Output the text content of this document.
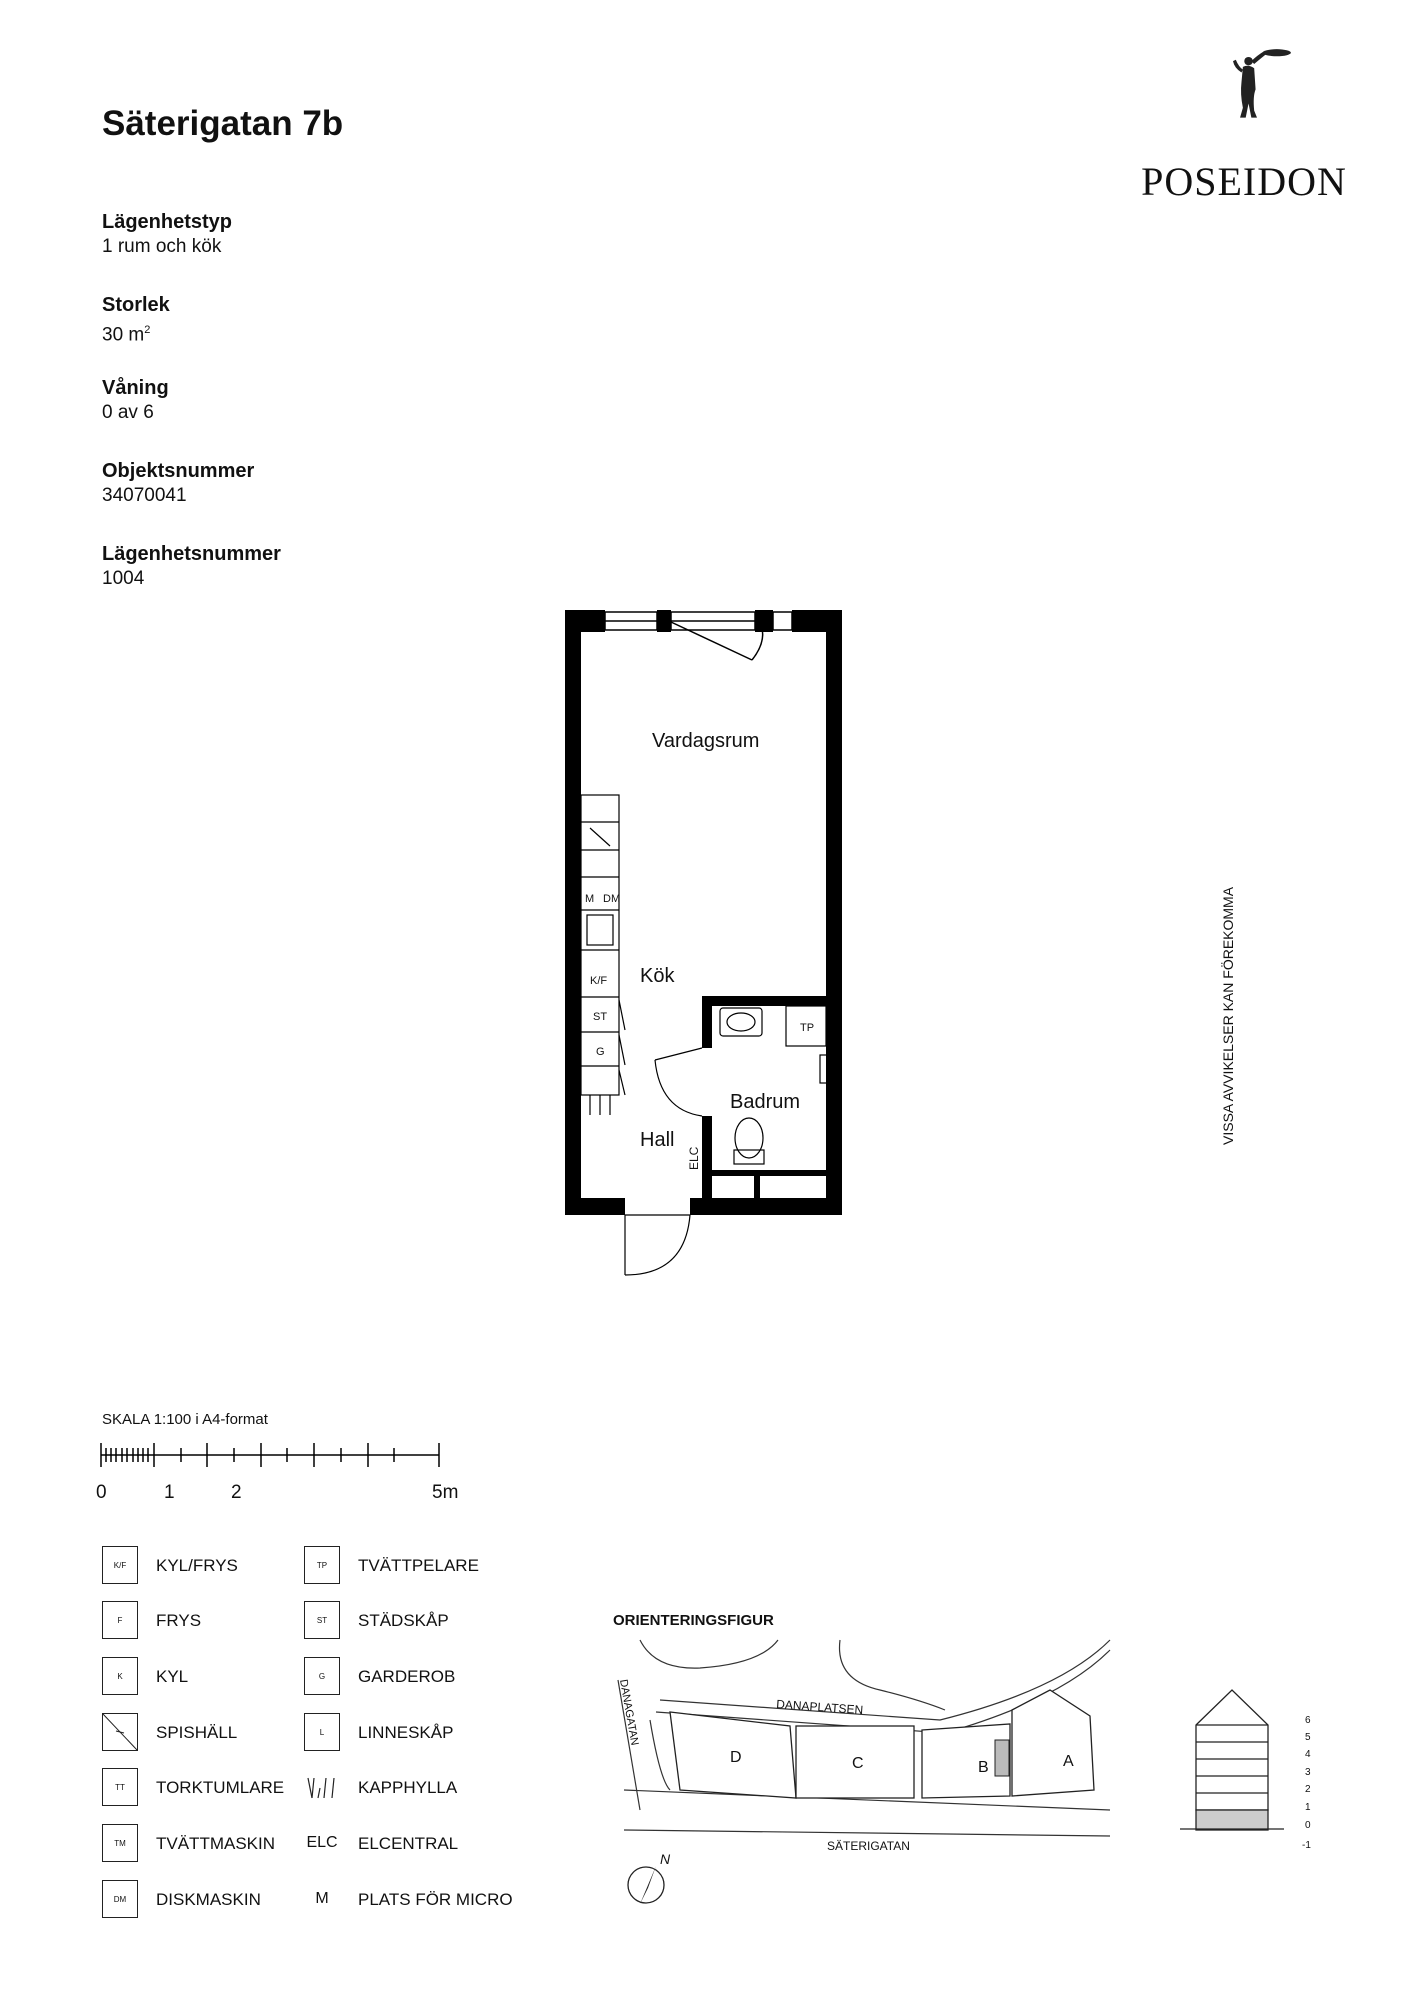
Säterigatan 7b
POSEIDON
Lägenhetstyp
1 rum och kök
Storlek
30 $m^2$
Våning
0 av 6
Objektsnummer
34070041
Lägenhetsnummer
1004
Vardagsrum
Kök
Hall
Badrum
M DM
K/F
ST
G
TP
ELC
VISSA AVVIKELSER KAN FÖREKOMMA
SKALA 1:100 i A4-format
0	1	2	5m
K/F	KYL/FRYS
F	FRYS
K	KYL
SPISHÄLL
TT	TORKTUMLARE
TM	TVÄTTMASKIN
DM	DISKMASKIN
TP	TVÄTTPELARE
ST	STÄDSKÅP
G	GARDEROB
L	LINNESKÅP
KAPPHYLLA
ELC ELCENTRAL
M	PLATS FÖR MICRO
ORIENTERINGSFIGUR
D	C	B	A
DANAPLATSEN
DANAGATAN
SÄTERIGATAN
N
6
5
4
3
2
1
0
-1
